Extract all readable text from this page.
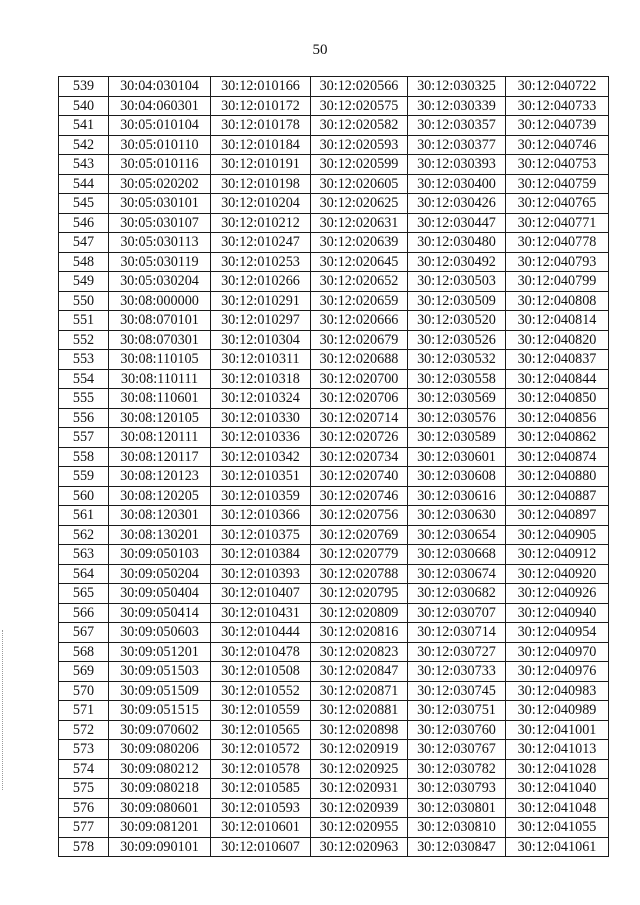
50
539	30:04:030104	30:12:010166	30:12:020566	30:12:030325	30:12:040722
540	30:04:060301	30:12:010172	30:12:020575	30:12:030339	30:12:040733
541	30:05:010104	30:12:010178	30:12:020582	30:12:030357	30:12:040739
542	30:05:010110	30:12:010184	30:12:020593	30:12:030377	30:12:040746
543	30:05:010116	30:12:010191	30:12:020599	30:12:030393	30:12:040753
544	30:05:020202	30:12:010198	30:12:020605	30:12:030400	30:12:040759
545	30:05:030101	30:12:010204	30:12:020625	30:12:030426	30:12:040765
546	30:05:030107	30:12:010212	30:12:020631	30:12:030447	30:12:040771
547	30:05:030113	30:12:010247	30:12:020639	30:12:030480	30:12:040778
548	30:05:030119	30:12:010253	30:12:020645	30:12:030492	30:12:040793
549	30:05:030204	30:12:010266	30:12:020652	30:12:030503	30:12:040799
550	30:08:000000	30:12:010291	30:12:020659	30:12:030509	30:12:040808
551	30:08:070101	30:12:010297	30:12:020666	30:12:030520	30:12:040814
552	30:08:070301	30:12:010304	30:12:020679	30:12:030526	30:12:040820
553	30:08:110105	30:12:010311	30:12:020688	30:12:030532	30:12:040837
554	30:08:110111	30:12:010318	30:12:020700	30:12:030558	30:12:040844
555	30:08:110601	30:12:010324	30:12:020706	30:12:030569	30:12:040850
556	30:08:120105	30:12:010330	30:12:020714	30:12:030576	30:12:040856
557	30:08:120111	30:12:010336	30:12:020726	30:12:030589	30:12:040862
558	30:08:120117	30:12:010342	30:12:020734	30:12:030601	30:12:040874
559	30:08:120123	30:12:010351	30:12:020740	30:12:030608	30:12:040880
560	30:08:120205	30:12:010359	30:12:020746	30:12:030616	30:12:040887
561	30:08:120301	30:12:010366	30:12:020756	30:12:030630	30:12:040897
562	30:08:130201	30:12:010375	30:12:020769	30:12:030654	30:12:040905
563	30:09:050103	30:12:010384	30:12:020779	30:12:030668	30:12:040912
564	30:09:050204	30:12:010393	30:12:020788	30:12:030674	30:12:040920
565	30:09:050404	30:12:010407	30:12:020795	30:12:030682	30:12:040926
566	30:09:050414	30:12:010431	30:12:020809	30:12:030707	30:12:040940
567	30:09:050603	30:12:010444	30:12:020816	30:12:030714	30:12:040954
568	30:09:051201	30:12:010478	30:12:020823	30:12:030727	30:12:040970
569	30:09:051503	30:12:010508	30:12:020847	30:12:030733	30:12:040976
570	30:09:051509	30:12:010552	30:12:020871	30:12:030745	30:12:040983
571	30:09:051515	30:12:010559	30:12:020881	30:12:030751	30:12:040989
572	30:09:070602	30:12:010565	30:12:020898	30:12:030760	30:12:041001
573	30:09:080206	30:12:010572	30:12:020919	30:12:030767	30:12:041013
574	30:09:080212	30:12:010578	30:12:020925	30:12:030782	30:12:041028
575	30:09:080218	30:12:010585	30:12:020931	30:12:030793	30:12:041040
576	30:09:080601	30:12:010593	30:12:020939	30:12:030801	30:12:041048
577	30:09:081201	30:12:010601	30:12:020955	30:12:030810	30:12:041055
578	30:09:090101	30:12:010607	30:12:020963	30:12:030847	30:12:041061
